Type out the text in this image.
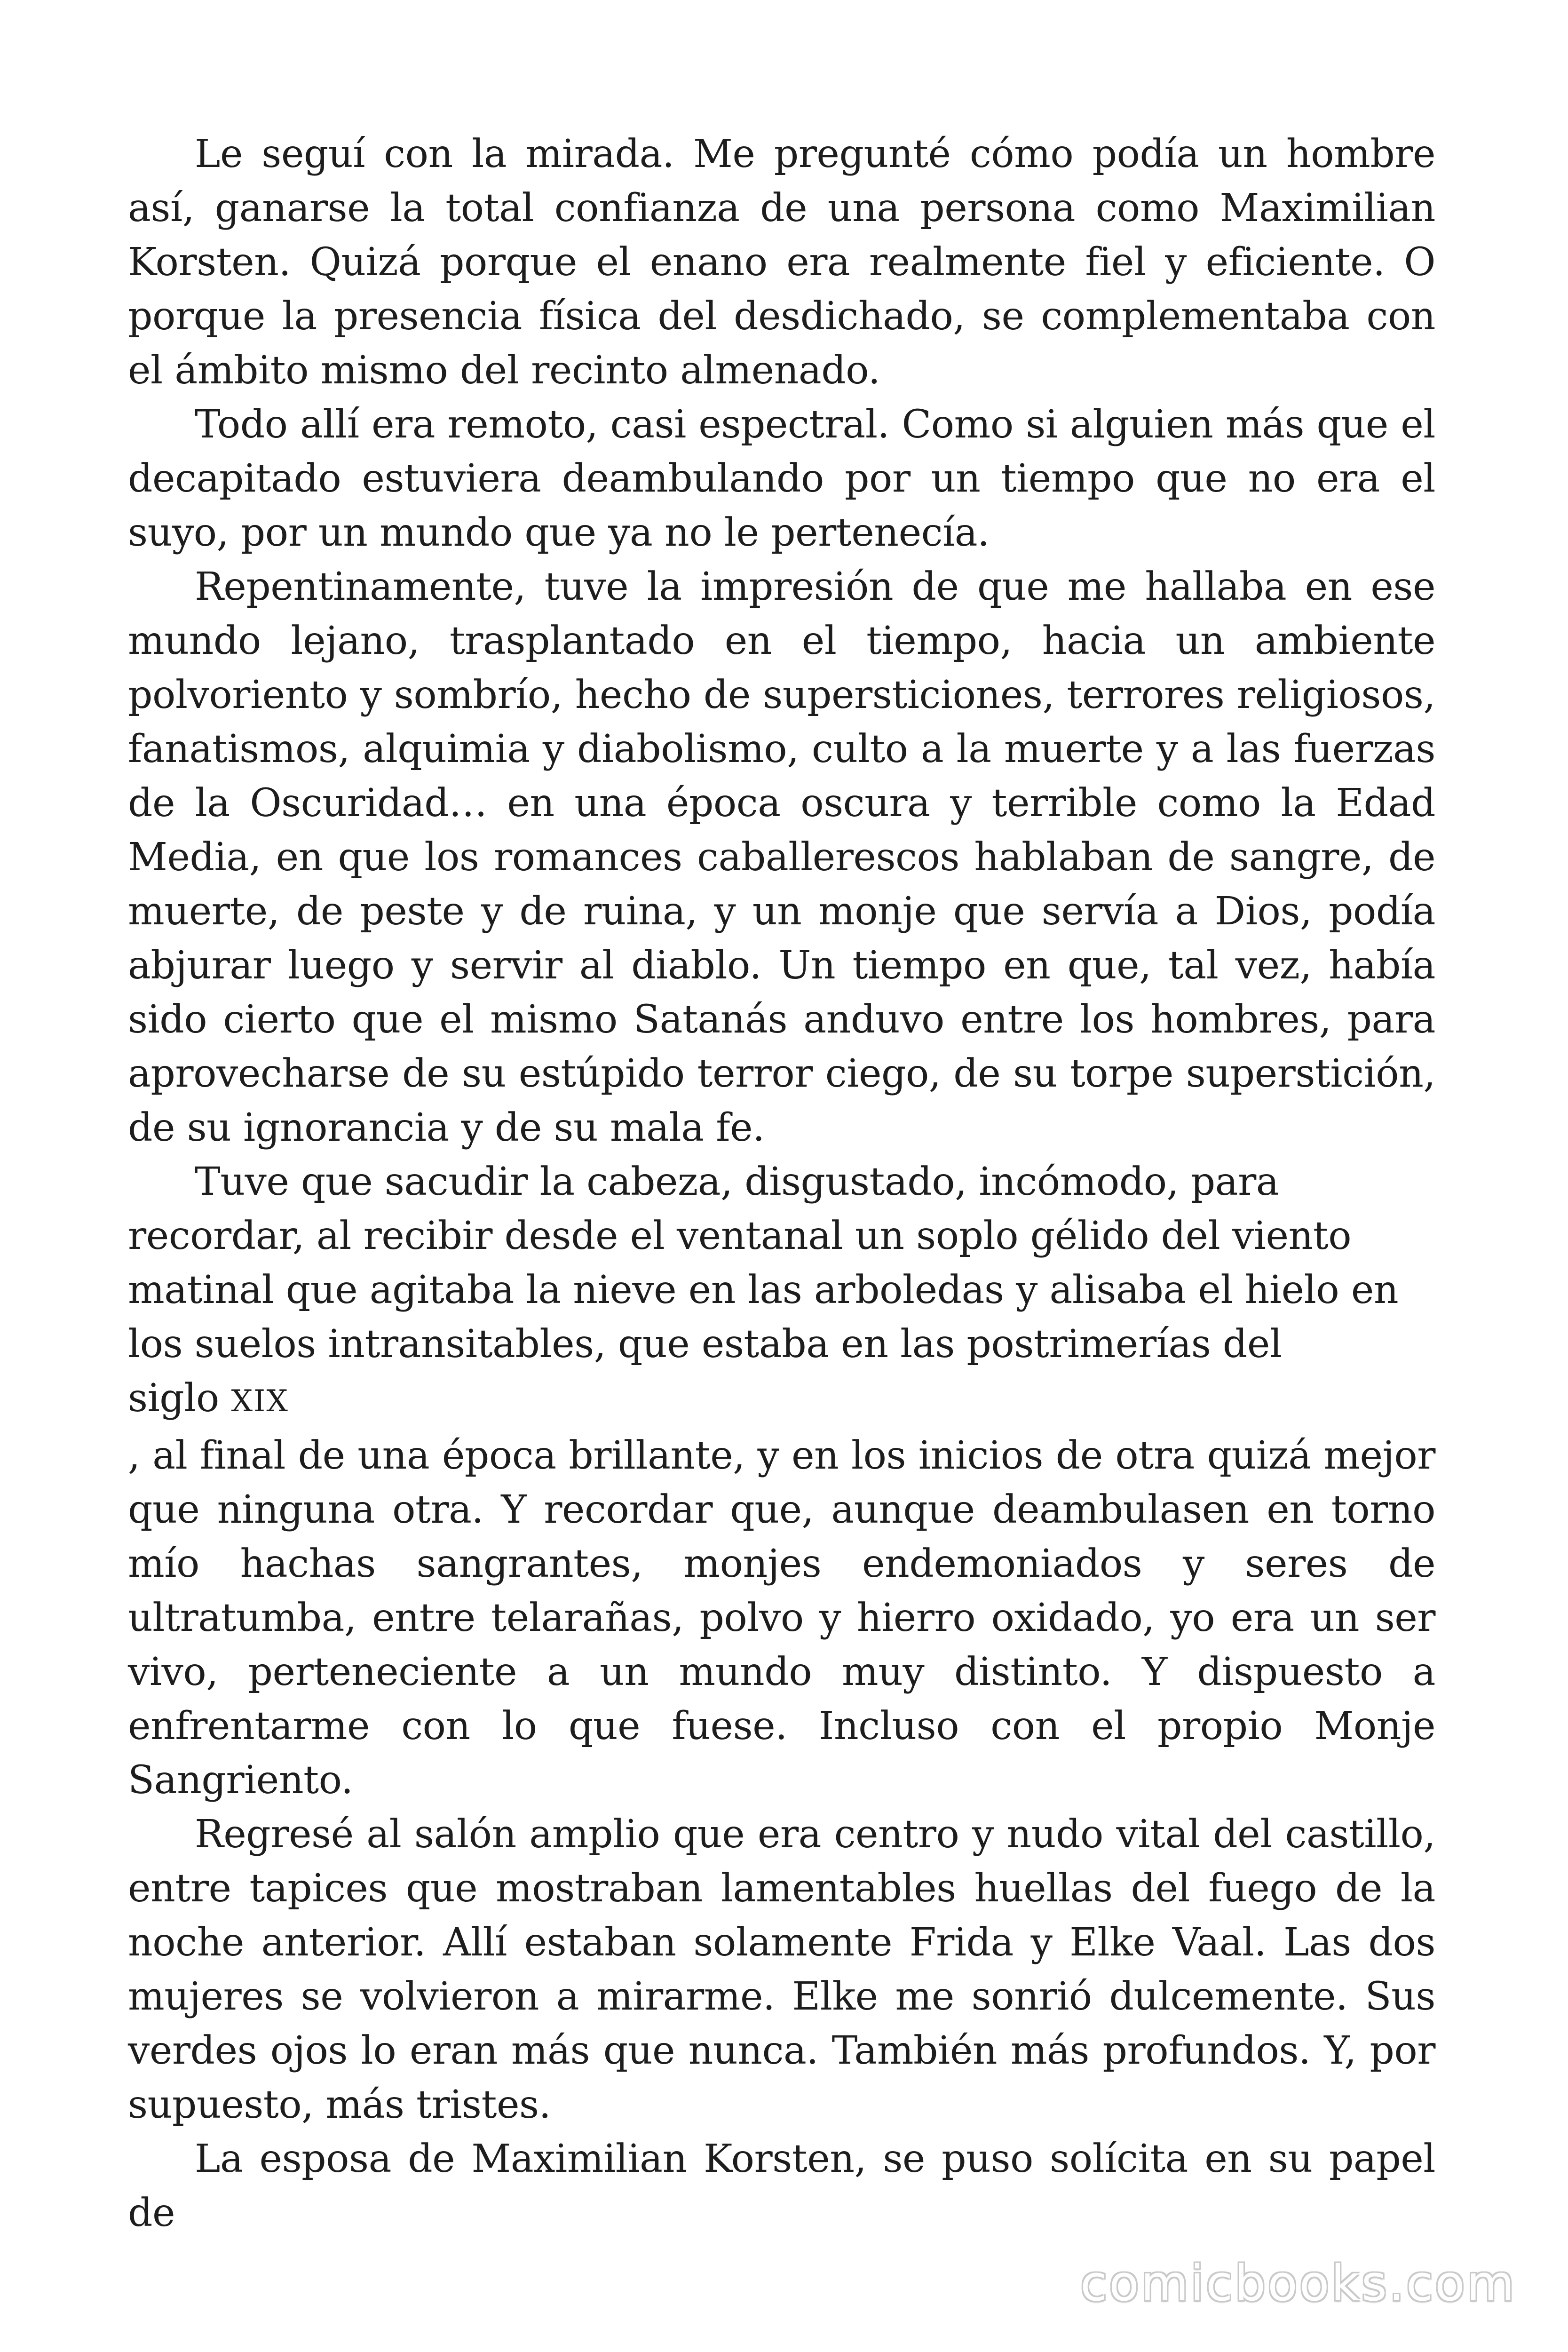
Le seguí con la mirada. Me pregunté cómo podía un hombre así, ganarse la total confianza de una persona como Maximilian Korsten. Quizá porque el enano era realmente fiel y eficiente. O porque la presencia física del desdichado, se complementaba con el ámbito mismo del recinto almenado.

Todo allí era remoto, casi espectral. Como si alguien más que el decapitado estuviera deambulando por un tiempo que no era el suyo, por un mundo que ya no le pertenecía.

Repentinamente, tuve la impresión de que me hallaba en ese mundo lejano, trasplantado en el tiempo, hacia un ambiente polvoriento y sombrío, hecho de supersticiones, terrores religiosos, fanatismos, alquimia y diabolismo, culto a la muerte y a las fuerzas de la Oscuridad… en una época oscura y terrible como la Edad Media, en que los romances caballerescos hablaban de sangre, de muerte, de peste y de ruina, y un monje que servía a Dios, podía abjurar luego y servir al diablo. Un tiempo en que, tal vez, había sido cierto que el mismo Satanás anduvo entre los hombres, para aprovecharse de su estúpido terror ciego, de su torpe superstición, de su ignorancia y de su mala fe.

Tuve que sacudir la cabeza, disgustado, incómodo, para recordar, al recibir desde el ventanal un soplo gélido del viento matinal que agitaba la nieve en las arboledas y alisaba el hielo en los suelos intransitables, que estaba en las postrimerías del

siglo XIX

, al final de una época brillante, y en los inicios de otra quizá mejor que ninguna otra. Y recordar que, aunque deambulasen en torno mío hachas sangrantes, monjes endemoniados y seres de ultratumba, entre telarañas, polvo y hierro oxidado, yo era un ser vivo, perteneciente a un mundo muy distinto. Y dispuesto a enfrentarme con lo que fuese. Incluso con el propio Monje Sangriento.

Regresé al salón amplio que era centro y nudo vital del castillo, entre tapices que mostraban lamentables huellas del fuego de la noche anterior. Allí estaban solamente Frida y Elke Vaal. Las dos mujeres se volvieron a mirarme. Elke me sonrió dulcemente. Sus verdes ojos lo eran más que nunca. También más profundos. Y, por supuesto, más tristes.

La esposa de Maximilian Korsten, se puso solícita en su papel de

comicbooks.com
